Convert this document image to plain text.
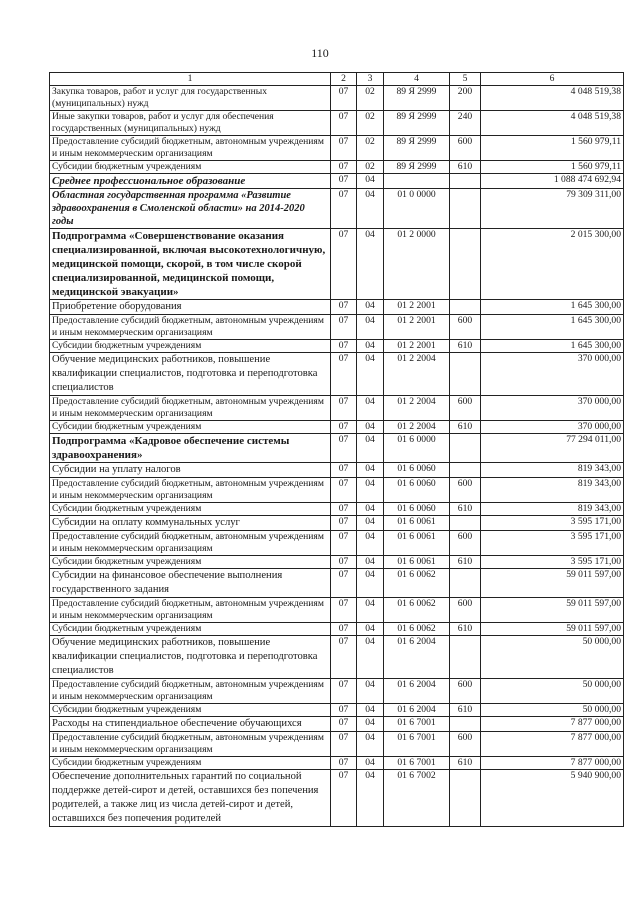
110
1	2	3	4	5	6
Закупка товаров, работ и услуг для государственных (муниципальных) нужд	07	02	89 Я 2999	200	4 048 519,38
Иные закупки товаров, работ и услуг для обеспечения государственных (муниципальных) нужд	07	02	89 Я 2999	240	4 048 519,38
Предоставление субсидий бюджетным, автономным учреждениям и иным некоммерческим организациям	07	02	89 Я 2999	600	1 560 979,11
Субсидии бюджетным учреждениям	07	02	89 Я 2999	610	1 560 979,11
Среднее профессиональное образование	07	04			1 088 474 692,94
Областная государственная программа «Развитие здравоохранения в Смоленской области» на 2014-2020 годы	07	04	01 0 0000		79 309 311,00
Подпрограмма «Совершенствование оказания специализированной, включая высокотехнологичную, медицинской помощи, скорой, в том числе скорой специализированной, медицинской помощи, медицинской эвакуации»	07	04	01 2 0000		2 015 300,00
Приобретение оборудования	07	04	01 2 2001		1 645 300,00
Предоставление субсидий бюджетным, автономным учреждениям и иным некоммерческим организациям	07	04	01 2 2001	600	1 645 300,00
Субсидии бюджетным учреждениям	07	04	01 2 2001	610	1 645 300,00
Обучение медицинских работников, повышение квалификации специалистов, подготовка и переподготовка специалистов	07	04	01 2 2004		370 000,00
Предоставление субсидий бюджетным, автономным учреждениям и иным некоммерческим организациям	07	04	01 2 2004	600	370 000,00
Субсидии бюджетным учреждениям	07	04	01 2 2004	610	370 000,00
Подпрограмма «Кадровое обеспечение системы здравоохранения»	07	04	01 6 0000		77 294 011,00
Субсидии на уплату налогов	07	04	01 6 0060		819 343,00
Предоставление субсидий бюджетным, автономным учреждениям и иным некоммерческим организациям	07	04	01 6 0060	600	819 343,00
Субсидии бюджетным учреждениям	07	04	01 6 0060	610	819 343,00
Субсидии на оплату коммунальных услуг	07	04	01 6 0061		3 595 171,00
Предоставление субсидий бюджетным, автономным учреждениям и иным некоммерческим организациям	07	04	01 6 0061	600	3 595 171,00
Субсидии бюджетным учреждениям	07	04	01 6 0061	610	3 595 171,00
Субсидии на финансовое обеспечение выполнения государственного задания	07	04	01 6 0062		59 011 597,00
Предоставление субсидий бюджетным, автономным учреждениям и иным некоммерческим организациям	07	04	01 6 0062	600	59 011 597,00
Субсидии бюджетным учреждениям	07	04	01 6 0062	610	59 011 597,00
Обучение медицинских работников, повышение квалификации специалистов, подготовка и переподготовка специалистов	07	04	01 6 2004		50 000,00
Предоставление субсидий бюджетным, автономным учреждениям и иным некоммерческим организациям	07	04	01 6 2004	600	50 000,00
Субсидии бюджетным учреждениям	07	04	01 6 2004	610	50 000,00
Расходы на стипендиальное обеспечение обучающихся	07	04	01 6 7001		7 877 000,00
Предоставление субсидий бюджетным, автономным учреждениям и иным некоммерческим организациям	07	04	01 6 7001	600	7 877 000,00
Субсидии бюджетным учреждениям	07	04	01 6 7001	610	7 877 000,00
Обеспечение дополнительных гарантий по социальной поддержке детей-сирот и детей, оставшихся без попечения родителей, а также лиц из числа детей-сирот и детей, оставшихся без попечения родителей	07	04	01 6 7002		5 940 900,00
